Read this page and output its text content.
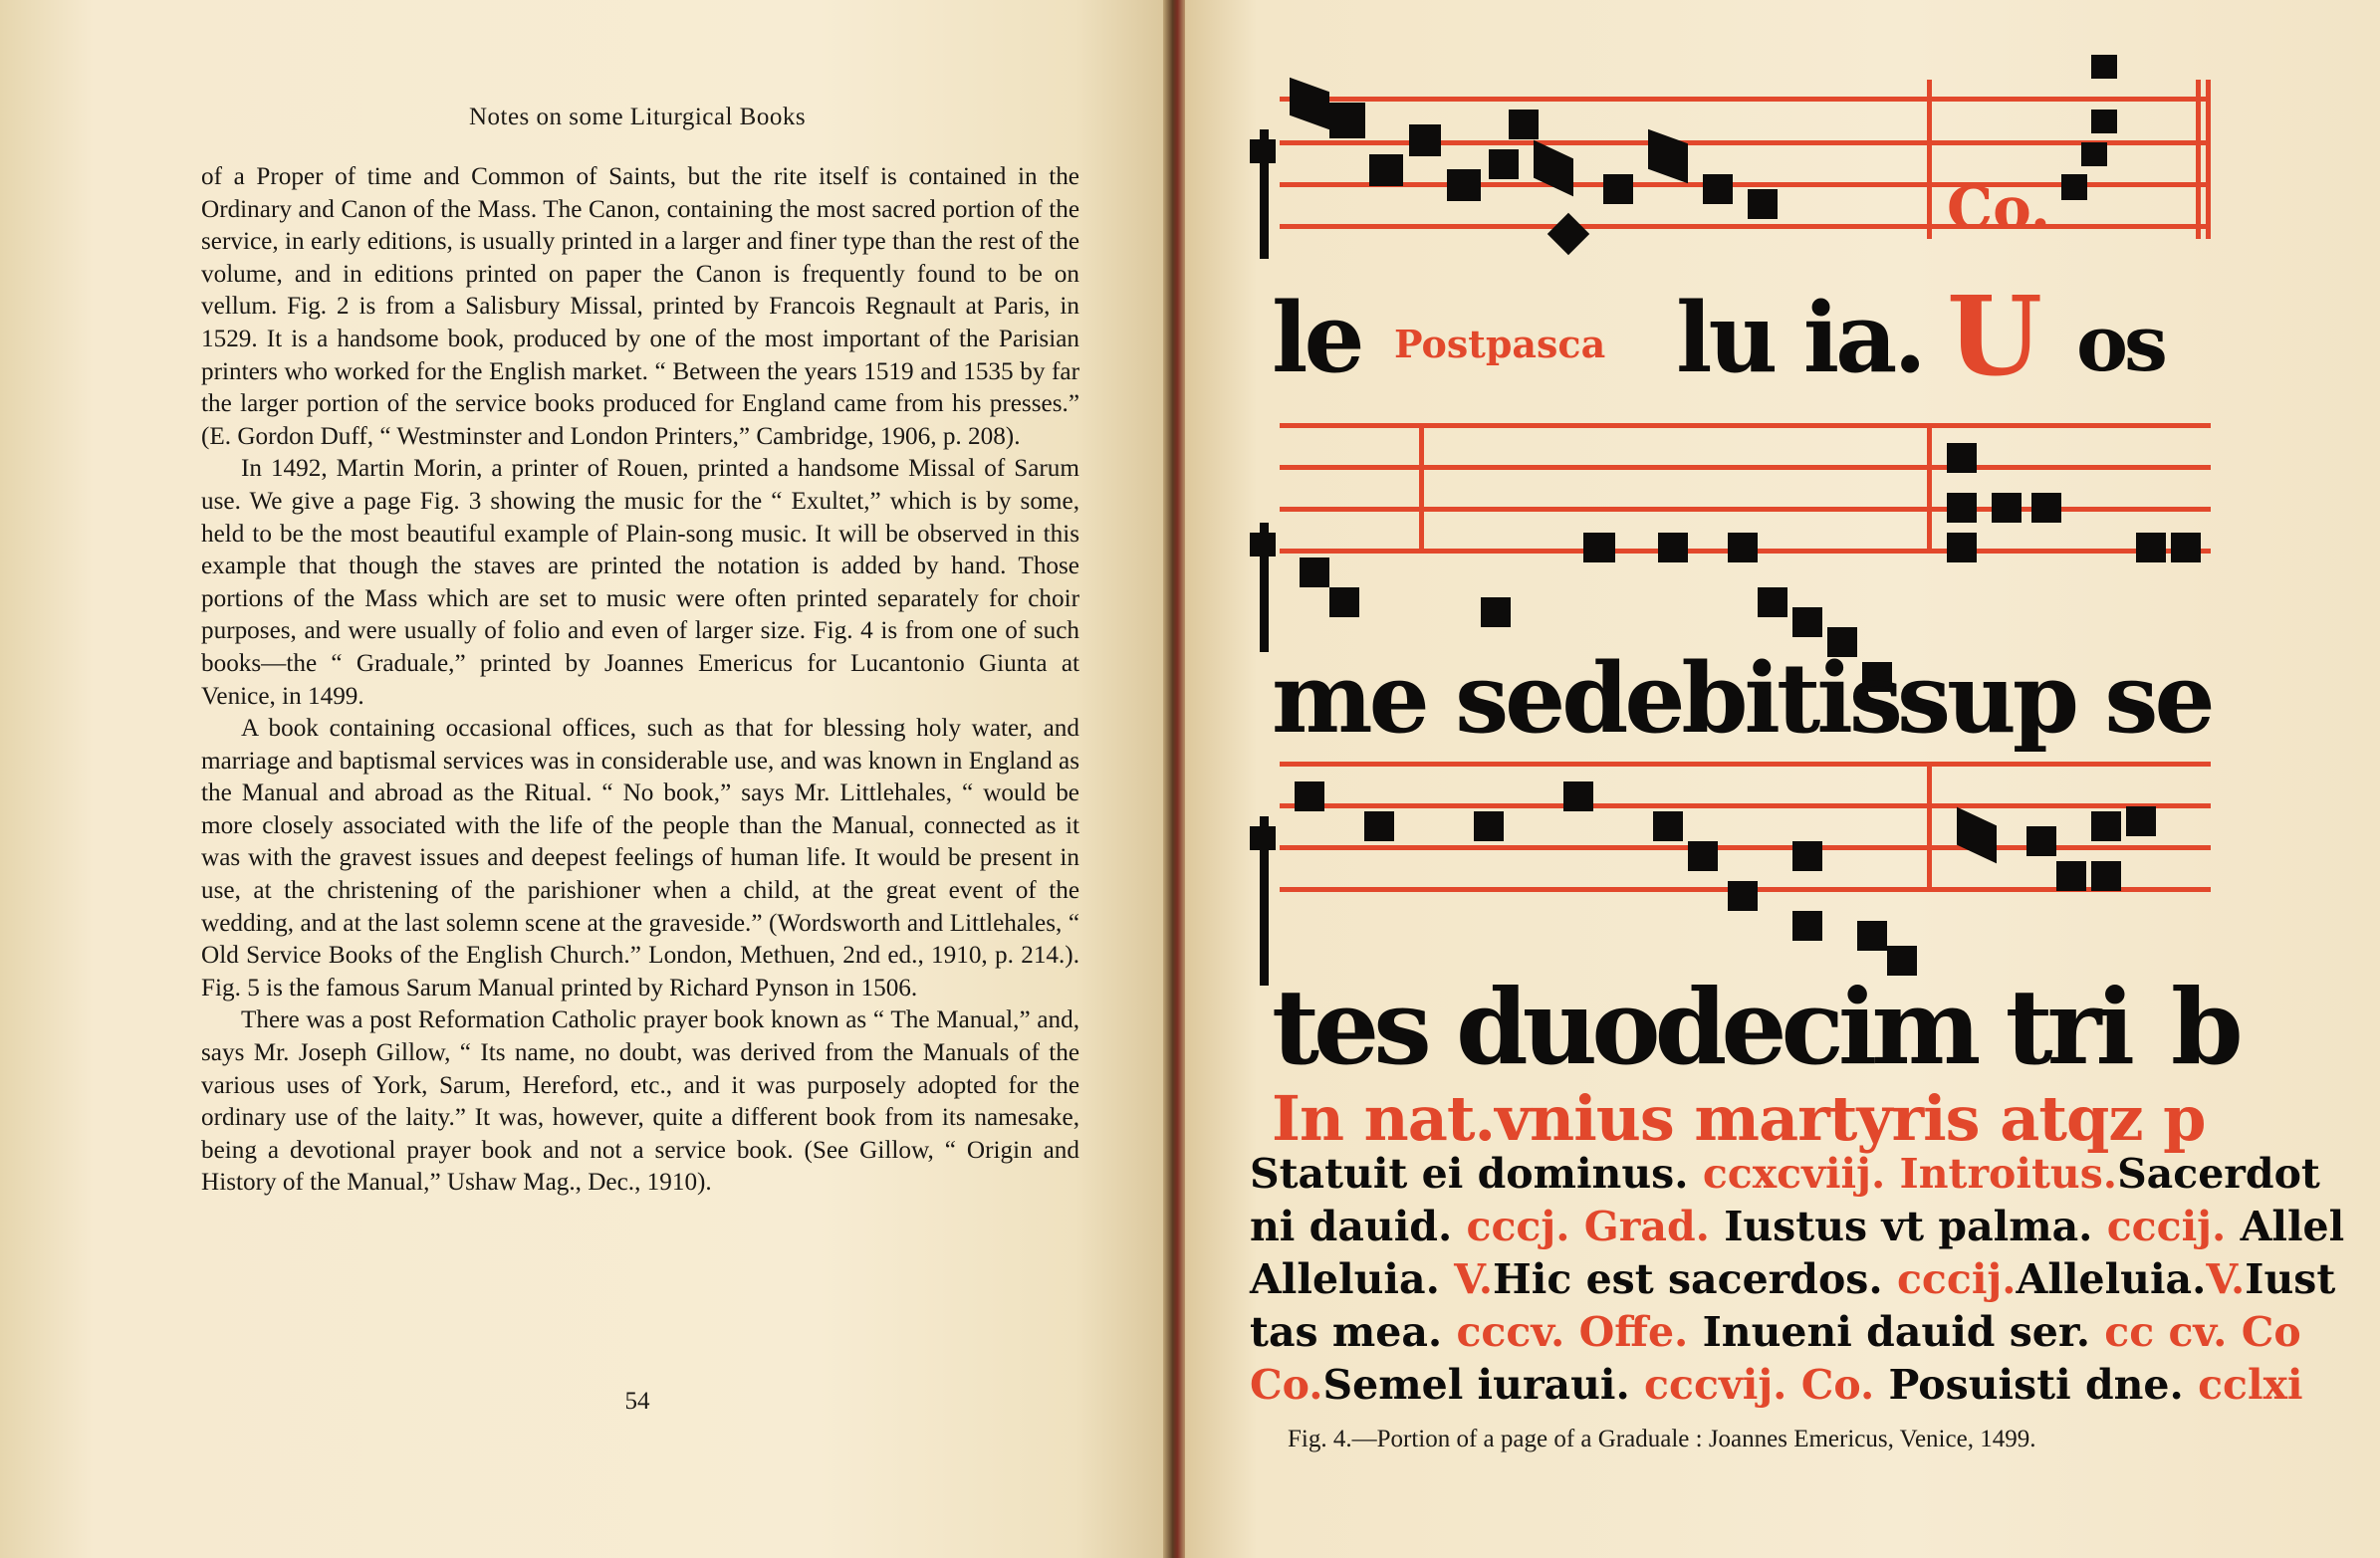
Notes on some Liturgical Books

of a Proper of time and Common of Saints, but the rite itself is contained in the Ordinary and Canon of the Mass. The Canon, containing the most sacred portion of the service, in early editions, is usually printed in a larger and finer type than the rest of the volume, and in editions printed on paper the Canon is frequently found to be on vellum. Fig. 2 is from a Salisbury Missal, printed by Francois Regnault at Paris, in 1529. It is a handsome book, produced by one of the most important of the Parisian printers who worked for the English market. “ Between the years 1519 and 1535 by far the larger portion of the service books produced for England came from his presses.” (E. Gordon Duff, “ Westminster and London Printers,” Cambridge, 1906, p. 208).

In 1492, Martin Morin, a printer of Rouen, printed a handsome Missal of Sarum use. We give a page Fig. 3 showing the music for the “ Exultet,” which is by some, held to be the most beautiful example of Plain-song music. It will be observed in this example that though the staves are printed the notation is added by hand. Those portions of the Mass which are set to music were often printed separately for choir purposes, and were usually of folio and even of larger size. Fig. 4 is from one of such books—the “ Graduale,” printed by Joannes Emericus for Lucantonio Giunta at Venice, in 1499.

A book containing occasional offices, such as that for blessing holy water, and marriage and baptismal services was in considerable use, and was known in England as the Manual and abroad as the Ritual. “ No book,” says Mr. Littlehales, “ would be more closely associated with the life of the people than the Manual, connected as it was with the gravest issues and deepest feelings of human life. It would be present in use, at the christening of the parishioner when a child, at the great event of the wedding, and at the last solemn scene at the graveside.” (Wordsworth and Littlehales, “ Old Service Books of the English Church.” London, Methuen, 2nd ed., 1910, p. 214.). Fig. 5 is the famous Sarum Manual printed by Richard Pynson in 1506.

There was a post Reformation Catholic prayer book known as “ The Manual,” and, says Mr. Joseph Gillow, “ Its name, no doubt, was derived from the Manuals of the various uses of York, Sarum, Hereford, etc., and it was purposely adopted for the ordinary use of the laity.” It was, however, quite a different book from its namesake, being a devotional prayer book and not a service book. (See Gillow, “ Origin and History of the Manual,” Ushaw Mag., Dec., 1910).

54
Co.
le Postpasca lu ia. U os
me sedebitis
sup se
tes duodecim tri b
In nat.vnius martyris atqz p
Statuit ei dominus. ccxcviij. Introitus.Sacerdot
ni dauid. cccj. Grad. Iustus vt palma. cccij. Allel
Alleluia. V.Hic est sacerdos. cccij.Alleluia.V.Iust
tas mea. cccv. Offe. Inueni dauid ser. cc cv. Co
Co.Semel iuraui. cccvij. Co. Posuisti dne. cclxi
Fig. 4.—Portion of a page of a Graduale : Joannes Emericus, Venice, 1499.
